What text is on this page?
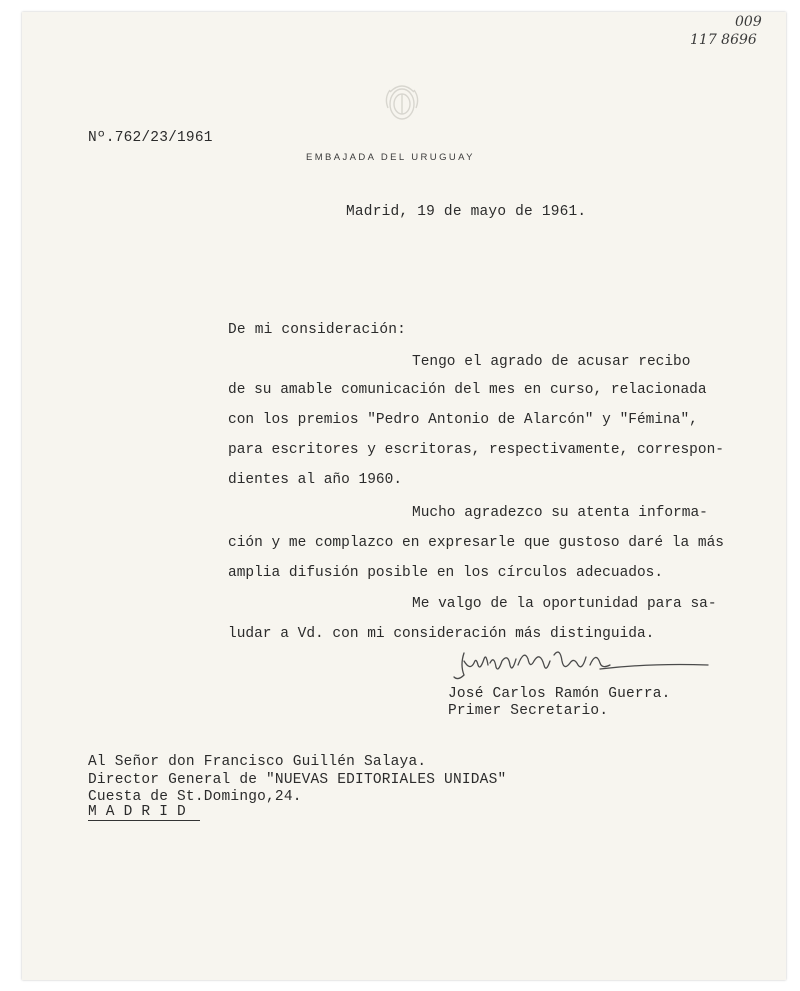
009
117 8696
EMBAJADA DEL URUGUAY
Nº.762/23/1961
Madrid, 19 de mayo de 1961.
De mi consideración:
Tengo el agrado de acusar recibo
de su amable comunicación del mes en curso, relacionada
con los premios "Pedro Antonio de Alarcón" y "Fémina",
para escritores y escritoras, respectivamente, correspon-
dientes al año 1960.
Mucho agradezco su atenta informa-
ción y me complazco en expresarle que gustoso daré la más
amplia difusión posible en los círculos adecuados.
Me valgo de la oportunidad para sa-
ludar a Vd. con mi consideración más distinguida.
José Carlos Ramón Guerra.
Primer Secretario.
Al Señor don Francisco Guillén Salaya.
Director General de "NUEVAS EDITORIALES UNIDAS"
Cuesta de St.Domingo,24.
M A D R I D
